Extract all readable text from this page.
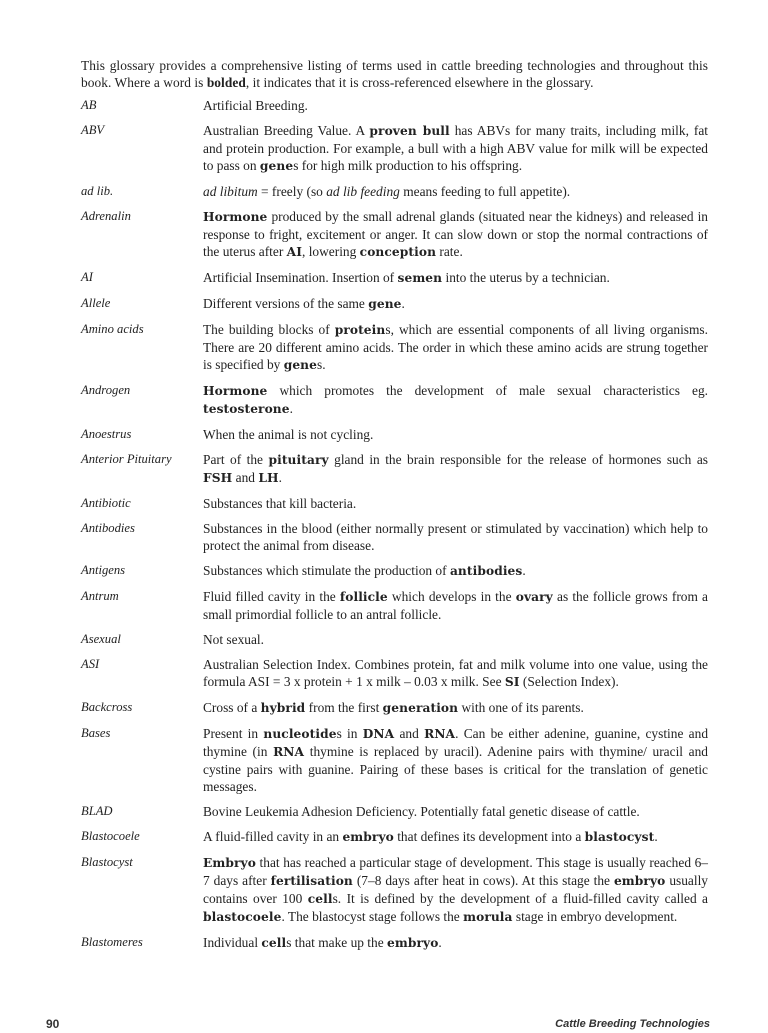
This glossary provides a comprehensive listing of terms used in cattle breeding technologies and throughout this book. Where a word is bolded, it indicates that it is cross-referenced elsewhere in the glossary.

AB	Artificial Breeding.
ABV	Australian Breeding Value. A proven bull has ABVs for many traits, including milk, fat and protein production. For example, a bull with a high ABV value for milk will be expected to pass on genes for high milk production to his offspring.
ad lib.	ad libitum = freely (so ad lib feeding means feeding to full appetite).
Adrenalin	Hormone produced by the small adrenal glands (situated near the kidneys) and released in response to fright, excitement or anger. It can slow down or stop the normal contractions of the uterus after AI, lowering conception rate.
AI	Artificial Insemination. Insertion of semen into the uterus by a technician.
Allele	Different versions of the same gene.
Amino acids	The building blocks of proteins, which are essential components of all living organisms. There are 20 different amino acids. The order in which these amino acids are strung together is specified by genes.
Androgen	Hormone which promotes the development of male sexual characteristics eg. testosterone.
Anoestrus	When the animal is not cycling.
Anterior Pituitary	Part of the pituitary gland in the brain responsible for the release of hormones such as FSH and LH.
Antibiotic	Substances that kill bacteria.
Antibodies	Substances in the blood (either normally present or stimulated by vaccination) which help to protect the animal from disease.
Antigens	Substances which stimulate the production of antibodies.
Antrum	Fluid filled cavity in the follicle which develops in the ovary as the follicle grows from a small primordial follicle to an antral follicle.
Asexual	Not sexual.
ASI	Australian Selection Index. Combines protein, fat and milk volume into one value, using the formula ASI = 3 x protein + 1 x milk – 0.03 x milk. See SI (Selection Index).
Backcross	Cross of a hybrid from the first generation with one of its parents.
Bases	Present in nucleotides in DNA and RNA. Can be either adenine, guanine, cystine and thymine (in RNA thymine is replaced by uracil). Adenine pairs with thymine/ uracil and cystine pairs with guanine. Pairing of these bases is critical for the translation of genetic messages.
BLAD	Bovine Leukemia Adhesion Deficiency. Potentially fatal genetic disease of cattle.
Blastocoele	A fluid-filled cavity in an embryo that defines its development into a blastocyst.
Blastocyst	Embryo that has reached a particular stage of development. This stage is usually reached 6–7 days after fertilisation (7–8 days after heat in cows). At this stage the embryo usually contains over 100 cells. It is defined by the development of a fluid-filled cavity called a blastocoele. The blastocyst stage follows the morula stage in embryo development.
Blastomeres	Individual cells that make up the embryo.
90	Cattle Breeding Technologies
